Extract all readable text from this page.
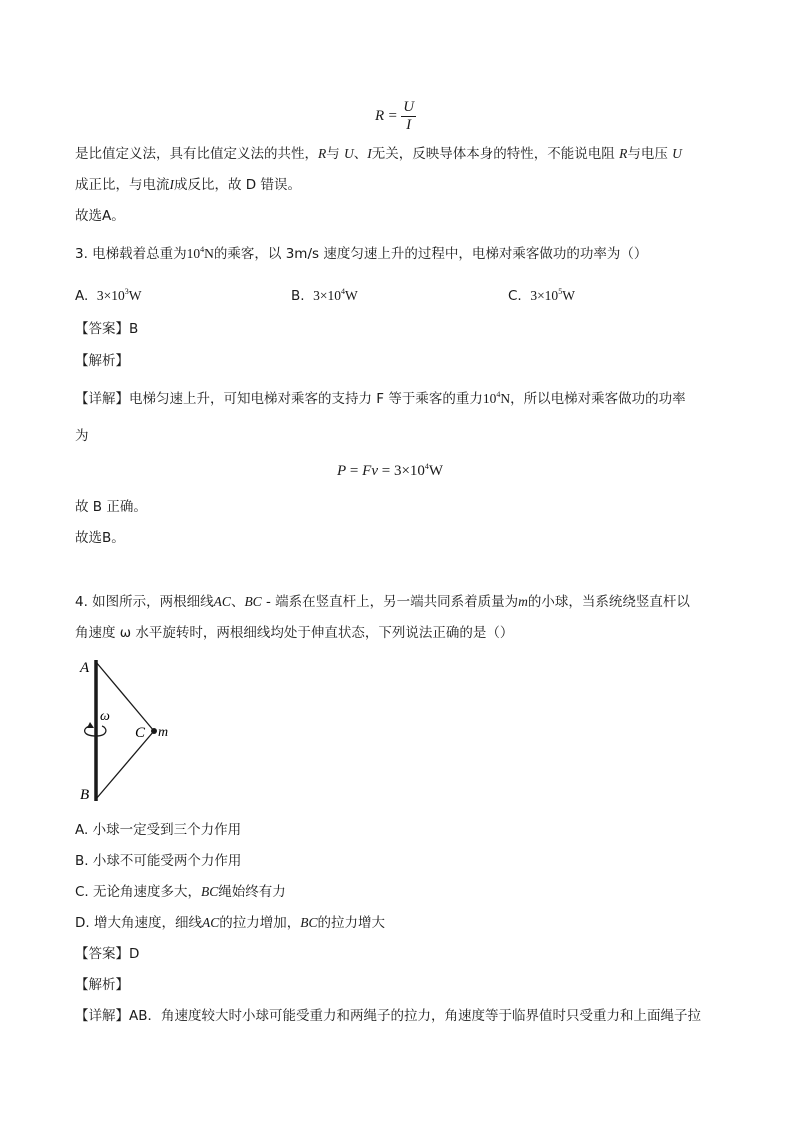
$R = \frac{U}{I}$
是比值定义法，具有比值定义法的共性，R与 U、I无关，反映导体本身的特性，不能说电阻 R与电压 U
成正比，与电流I成反比，故 D 错误。
故选A。
3. 电梯载着总重为$10^4N$的乘客，以 3m/s 速度匀速上升的过程中，电梯对乘客做功的功率为（）
A. $3\times 10^3W$	B. $3\times 10^4W$	C. $3\times 10^5W$
【答案】B
【解析】
【详解】电梯匀速上升，可知电梯对乘客的支持力 F 等于乘客的重力$10^4N$，所以电梯对乘客做功的功率
为
$P = Fv = 3\times 10^4W$
故 B 正确。
故选B。
4. 如图所示，两根细线AC、BC - 端系在竖直杆上，另一端共同系着质量为m的小球，当系统绕竖直杆以
角速度 ω 水平旋转时，两根细线均处于伸直状态，下列说法正确的是（）
A
B
C m
ω
A. 小球一定受到三个力作用
B. 小球不可能受两个力作用
C. 无论角速度多大，BC绳始终有力
D. 增大角速度，细线AC的拉力增加，BC的拉力增大
【答案】D
【解析】
【详解】AB．角速度较大时小球可能受重力和两绳子的拉力，角速度等于临界值时只受重力和上面绳子拉
